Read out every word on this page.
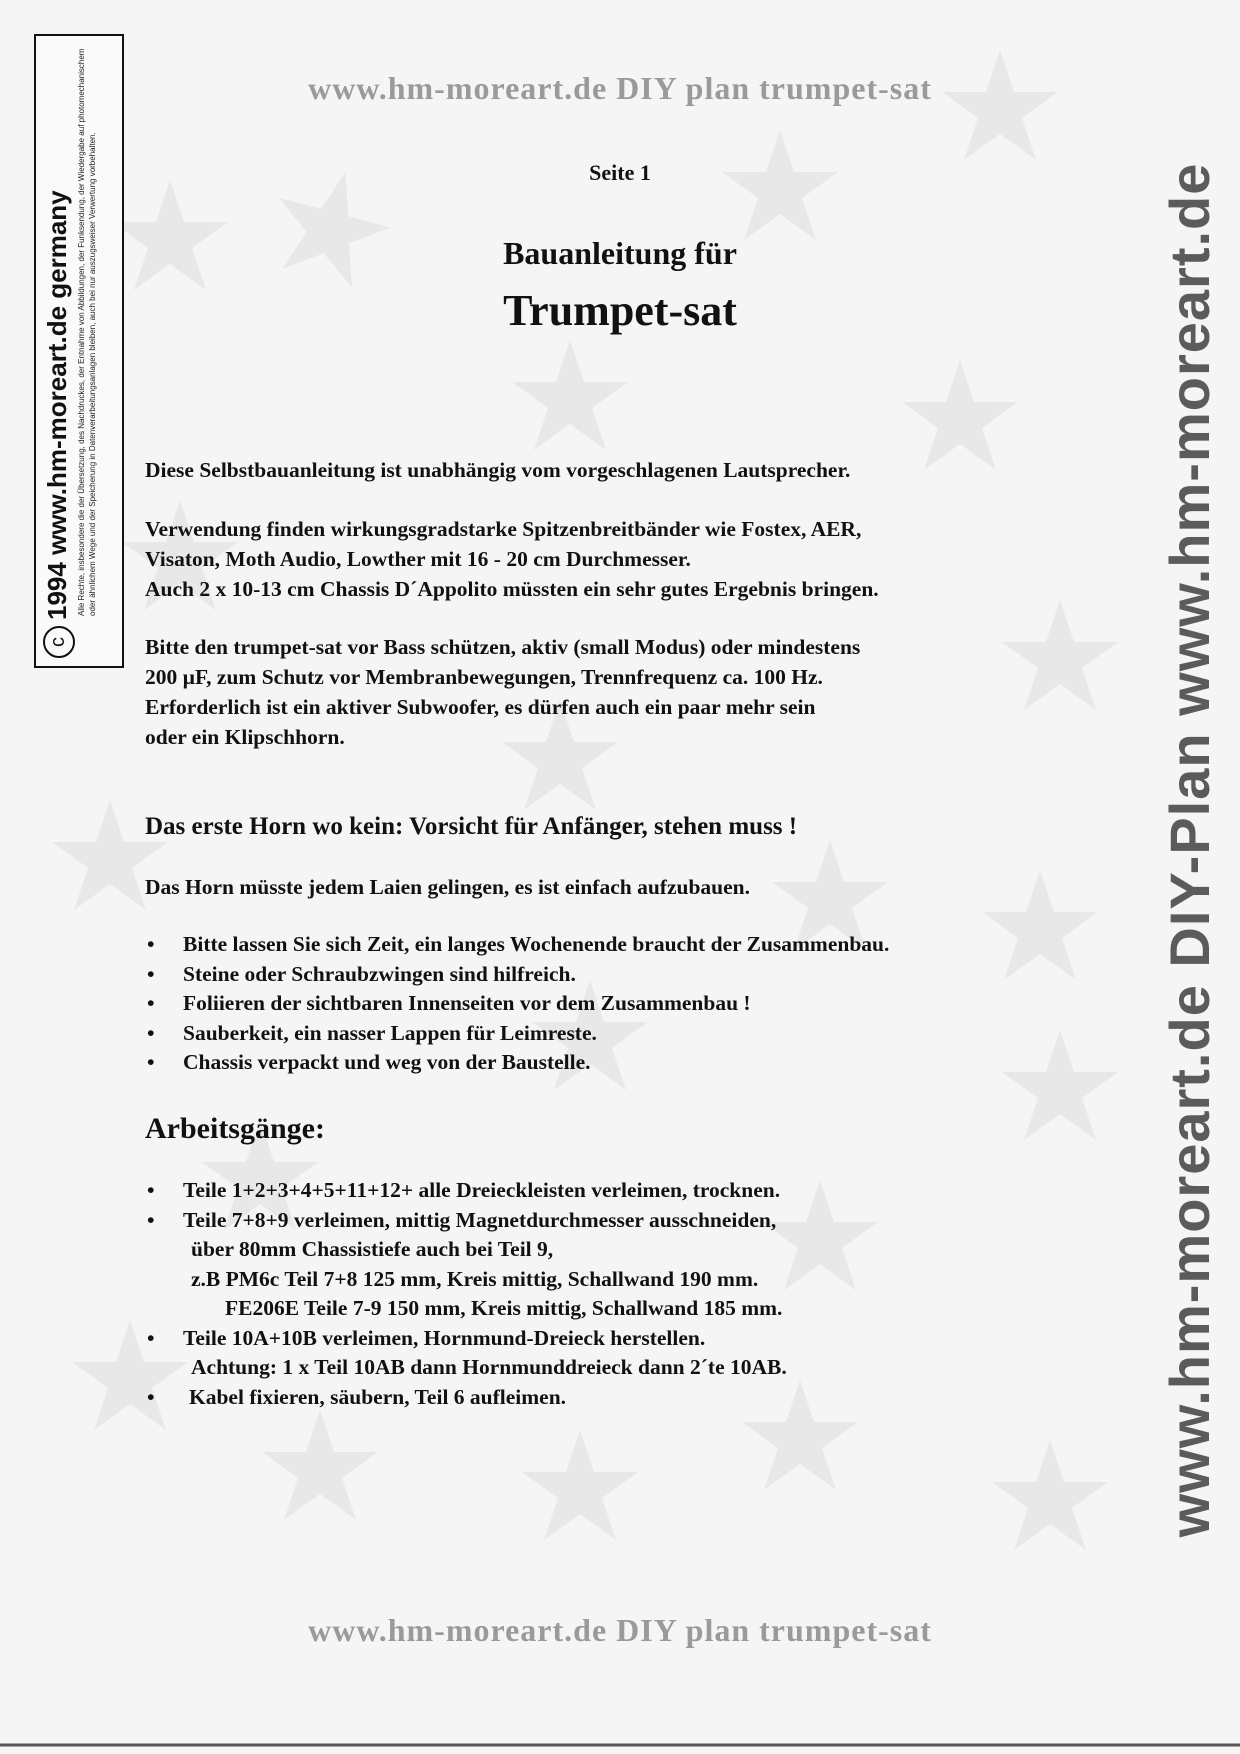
c1994 www.hm-moreart.de germany Alle Rechte, insbesondere die der Übersetzung, des Nachdruckes, der Entnahme von Abbildungen, der Funksendung, der Wiedergabe auf photomechanischem oder ähnlichem Wege und der Speicherung in Datenverarbeitungsanlagen bleiben, auch bei nur auszugsweiser Verwertung vorbehalten.	www.hm-moreart.de DIY-Plan www.hm-moreart.de
www.hm-moreart.de DIY plan trumpet-sat
www.hm-moreart.de DIY plan trumpet-sat
Seite 1
Bauanleitung für
Trumpet-sat
Diese Selbstbauanleitung ist unabhängig vom vorgeschlagenen Lautsprecher.
Verwendung finden wirkungsgradstarke Spitzenbreitbänder wie Fostex, AER,
Visaton, Moth Audio, Lowther mit 16 - 20 cm Durchmesser.
Auch 2 x 10-13 cm Chassis D´Appolito müssten ein sehr gutes Ergebnis bringen.
Bitte den trumpet-sat vor Bass schützen, aktiv (small Modus) oder mindestens
200 µF, zum Schutz vor Membranbewegungen, Trennfrequenz ca. 100 Hz.
Erforderlich ist ein aktiver Subwoofer, es dürfen auch ein paar mehr sein
oder ein Klipschhorn.
Das erste Horn wo kein: Vorsicht für Anfänger, stehen muss !
Das Horn müsste jedem Laien gelingen, es ist einfach aufzubauen.
• Bitte lassen Sie sich Zeit, ein langes Wochenende braucht der Zusammenbau.
• Steine oder Schraubzwingen sind hilfreich.
• Foliieren der sichtbaren Innenseiten vor dem Zusammenbau !
• Sauberkeit, ein nasser Lappen für Leimreste.
• Chassis verpackt und weg von der Baustelle.
Arbeitsgänge:
• Teile 1+2+3+4+5+11+12+ alle Dreieckleisten verleimen, trocknen.
• Teile 7+8+9 verleimen, mittig Magnetdurchmesser ausschneiden,
über 80mm Chassistiefe auch bei Teil 9,
z.B PM6c Teil 7+8 125 mm, Kreis mittig, Schallwand 190 mm.
FE206E Teile 7-9 150 mm, Kreis mittig, Schallwand 185 mm.
• Teile 10A+10B verleimen, Hornmund-Dreieck herstellen.
Achtung: 1 x Teil 10AB dann Hornmunddreieck dann 2´te 10AB.
• Kabel fixieren, säubern, Teil 6 aufleimen.
